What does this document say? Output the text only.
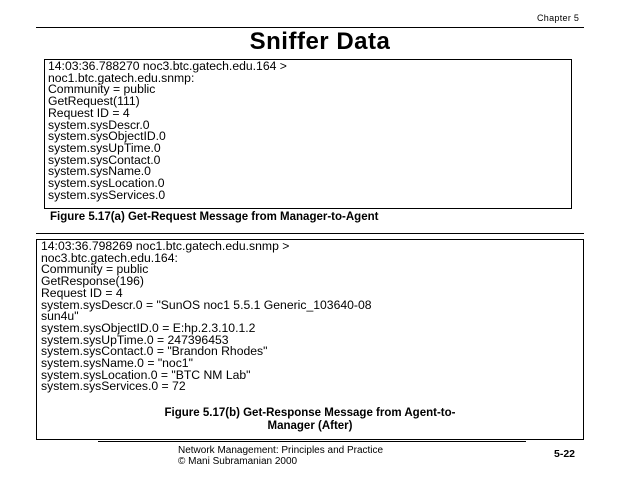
Chapter 5
Sniffer Data
14:03:36.788270 noc3.btc.gatech.edu.164 >
noc1.btc.gatech.edu.snmp:
Community = public
GetRequest(111)
Request ID = 4
system.sysDescr.0
system.sysObjectID.0
system.sysUpTime.0
system.sysContact.0
system.sysName.0
system.sysLocation.0
system.sysServices.0
Figure 5.17(a) Get-Request Message from Manager-to-Agent
14:03:36.798269 noc1.btc.gatech.edu.snmp >
noc3.btc.gatech.edu.164:
Community = public
GetResponse(196)
Request ID = 4
system.sysDescr.0 = "SunOS noc1 5.5.1 Generic_103640-08
sun4u"
system.sysObjectID.0 = E:hp.2.3.10.1.2
system.sysUpTime.0 = 247396453
system.sysContact.0 = "Brandon Rhodes"
system.sysName.0 = "noc1"
system.sysLocation.0 = "BTC NM Lab"
system.sysServices.0 = 72
Figure 5.17(b) Get-Response Message from Agent-to-
Manager (After)
Network Management: Principles and Practice
© Mani Subramanian 2000
5-22
